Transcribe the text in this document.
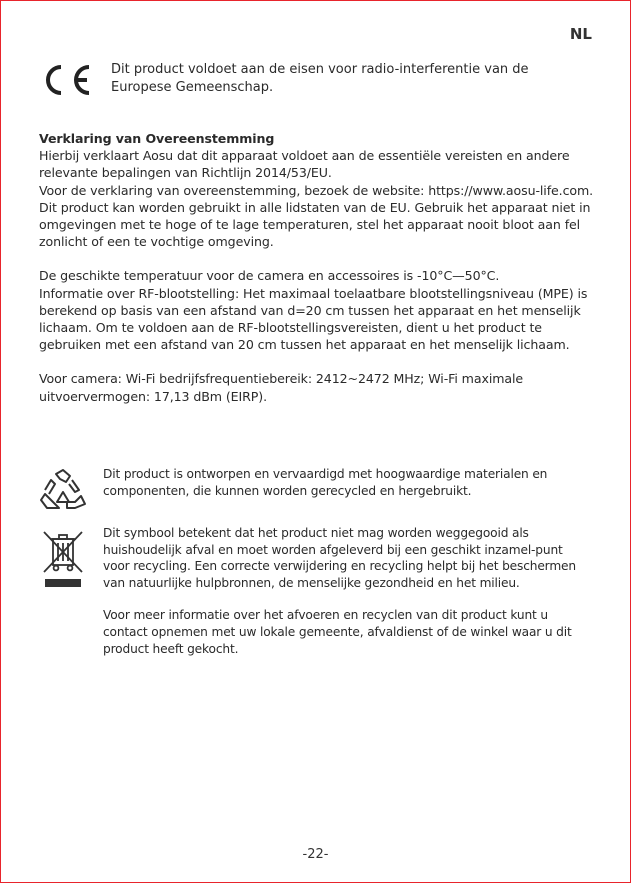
NL
Dit product voldoet aan de eisen voor radio-interferentie van de Europese Gemeenschap.

Verklaring van Overeenstemming

Hierbij verklaart Aosu dat dit apparaat voldoet aan de essentiële vereisten en andere relevante bepalingen van Richtlijn 2014/53/EU.

Voor de verklaring van overeenstemming, bezoek de website: https://www.aosu-life.com.

Dit product kan worden gebruikt in alle lidstaten van de EU. Gebruik het apparaat niet in omgevingen met te hoge of te lage temperaturen, stel het apparaat nooit bloot aan fel zonlicht of een te vochtige omgeving.

De geschikte temperatuur voor de camera en accessoires is -10°C—50°C.

Informatie over RF-blootstelling: Het maximaal toelaatbare blootstellingsniveau (MPE) is berekend op basis van een afstand van d=20 cm tussen het apparaat en het menselijk lichaam. Om te voldoen aan de RF-blootstellingsvereisten, dient u het product te gebruiken met een afstand van 20 cm tussen het apparaat en het menselijk lichaam.

Voor camera: Wi-Fi bedrijfsfrequentiebereik: 2412~2472 MHz; Wi-Fi maximale uitvoervermogen: 17,13 dBm (EIRP).

Dit product is ontworpen en vervaardigd met hoogwaardige materialen en componenten, die kunnen worden gerecycled en hergebruikt.

Dit symbool betekent dat het product niet mag worden weggegooid als huishoudelijk afval en moet worden afgeleverd bij een geschikt inzamel-punt voor recycling. Een correcte verwijdering en recycling helpt bij het beschermen van natuurlijke hulpbronnen, de menselijke gezondheid en het milieu.

Voor meer informatie over het afvoeren en recyclen van dit product kunt u contact opnemen met uw lokale gemeente, afvaldienst of de winkel waar u dit product heeft gekocht.

-22-
